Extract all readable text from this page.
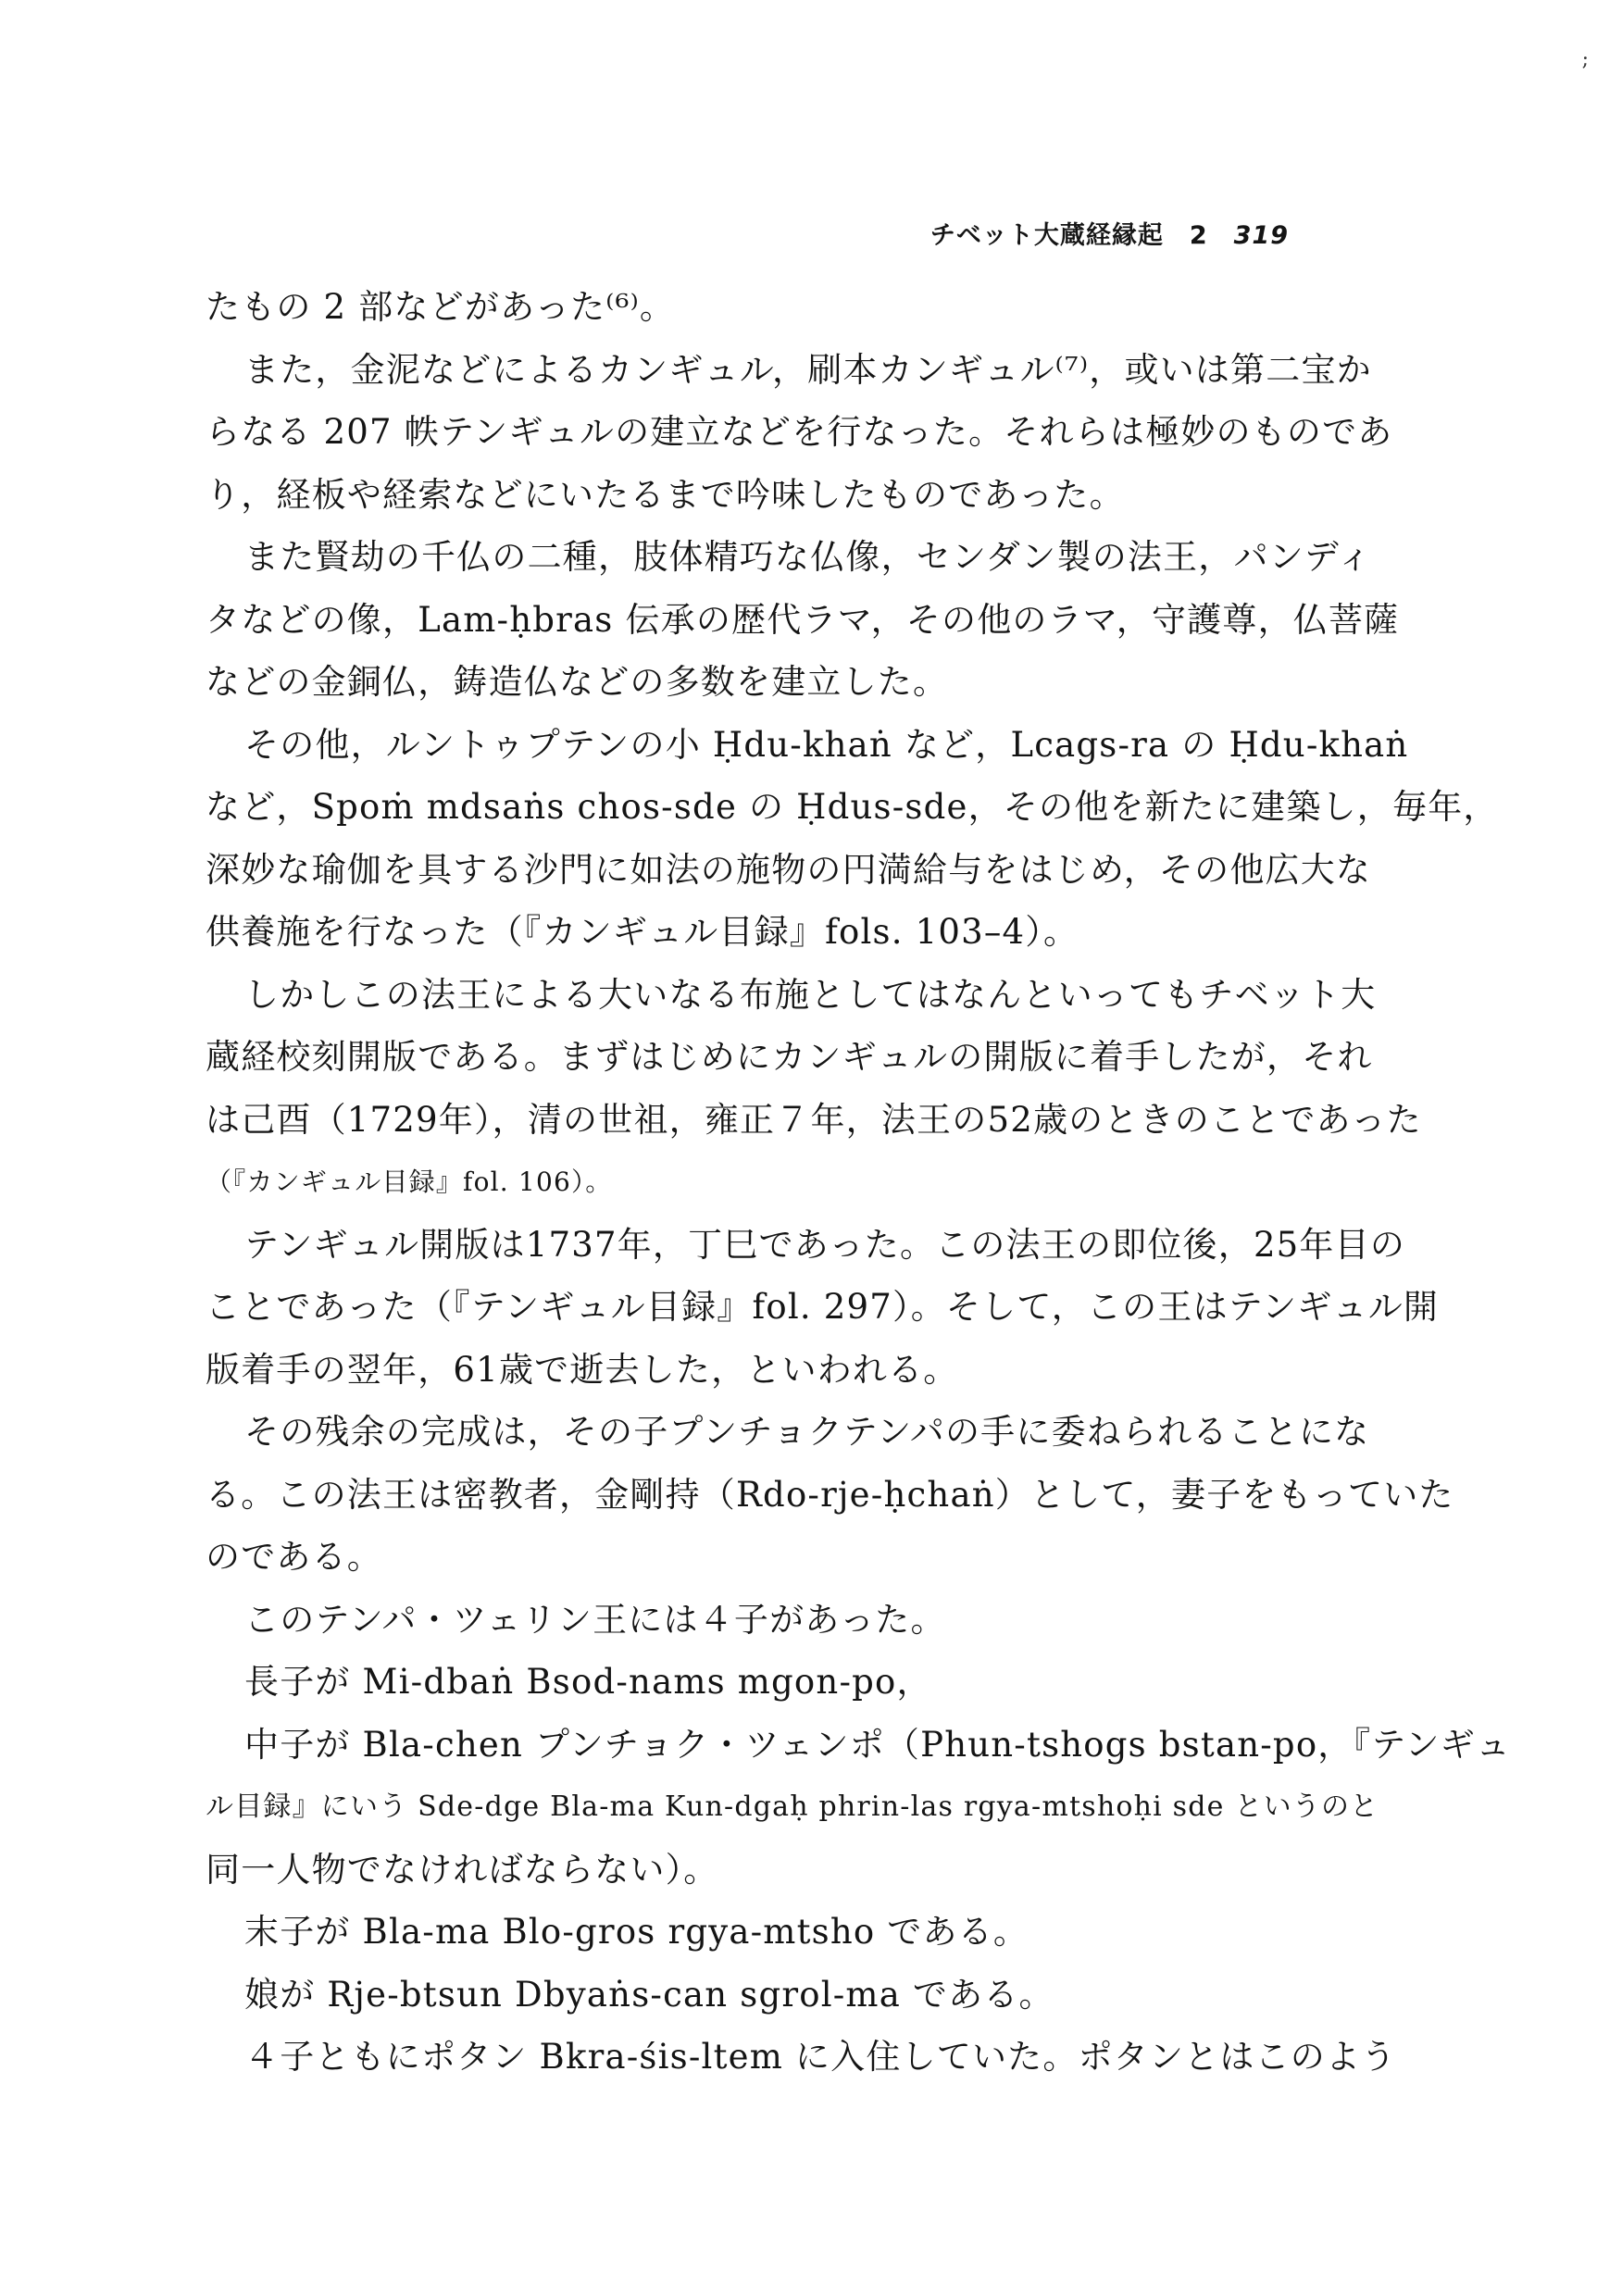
;
チベット大蔵経縁起　2 319
たもの 2 部などがあった⁽⁶⁾。
また，金泥などによるカンギュル，刷本カンギュル⁽⁷⁾，或いは第二宝か
らなる 207 帙テンギュルの建立などを行なった。それらは極妙のものであ
り，経板や経索などにいたるまで吟味したものであった。
また賢劫の千仏の二種，肢体精巧な仏像，センダン製の法王，パンディ
タなどの像，Lam-ḥbras 伝承の歴代ラマ，その他のラマ，守護尊，仏菩薩
などの金銅仏，鋳造仏などの多数を建立した。
その他，ルントゥプテンの小 Ḥdu-khaṅ など，Lcags-ra の Ḥdu-khaṅ
など，Spoṁ mdsaṅs chos-sde の Ḥdus-sde，その他を新たに建築し，毎年，
深妙な瑜伽を具する沙門に如法の施物の円満給与をはじめ，その他広大な
供養施を行なった（『カンギュル目録』fols. 103–4）。
しかしこの法王による大いなる布施としてはなんといってもチベット大
蔵経校刻開版である。まずはじめにカンギュルの開版に着手したが，それ
は己酉（1729年），清の世祖，雍正７年，法王の52歳のときのことであった
（『カンギュル目録』fol. 106）。
テンギュル開版は1737年，丁巳であった。この法王の即位後，25年目の
ことであった（『テンギュル目録』fol. 297）。そして，この王はテンギュル開
版着手の翌年，61歳で逝去した，といわれる。
その残余の完成は，その子プンチョクテンパの手に委ねられることにな
る。この法王は密教者，金剛持（Rdo-rje-ḥchaṅ）として，妻子をもっていた
のである。
このテンパ・ツェリン王には４子があった。
長子が Mi-dbaṅ Bsod-nams mgon-po，
中子が Bla-chen プンチョク・ツェンポ（Phun-tshogs bstan-po，『テンギュ
ル目録』にいう Sde-dge Bla-ma Kun-dgaḥ phrin-las rgya-mtshoḥi sde というのと
同一人物でなければならない）。
末子が Bla-ma Blo-gros rgya-mtsho である。
娘が Rje-btsun Dbyaṅs-can sgrol-ma である。
４子ともにポタン Bkra-śis-ltem に入住していた。ポタンとはこのよう
